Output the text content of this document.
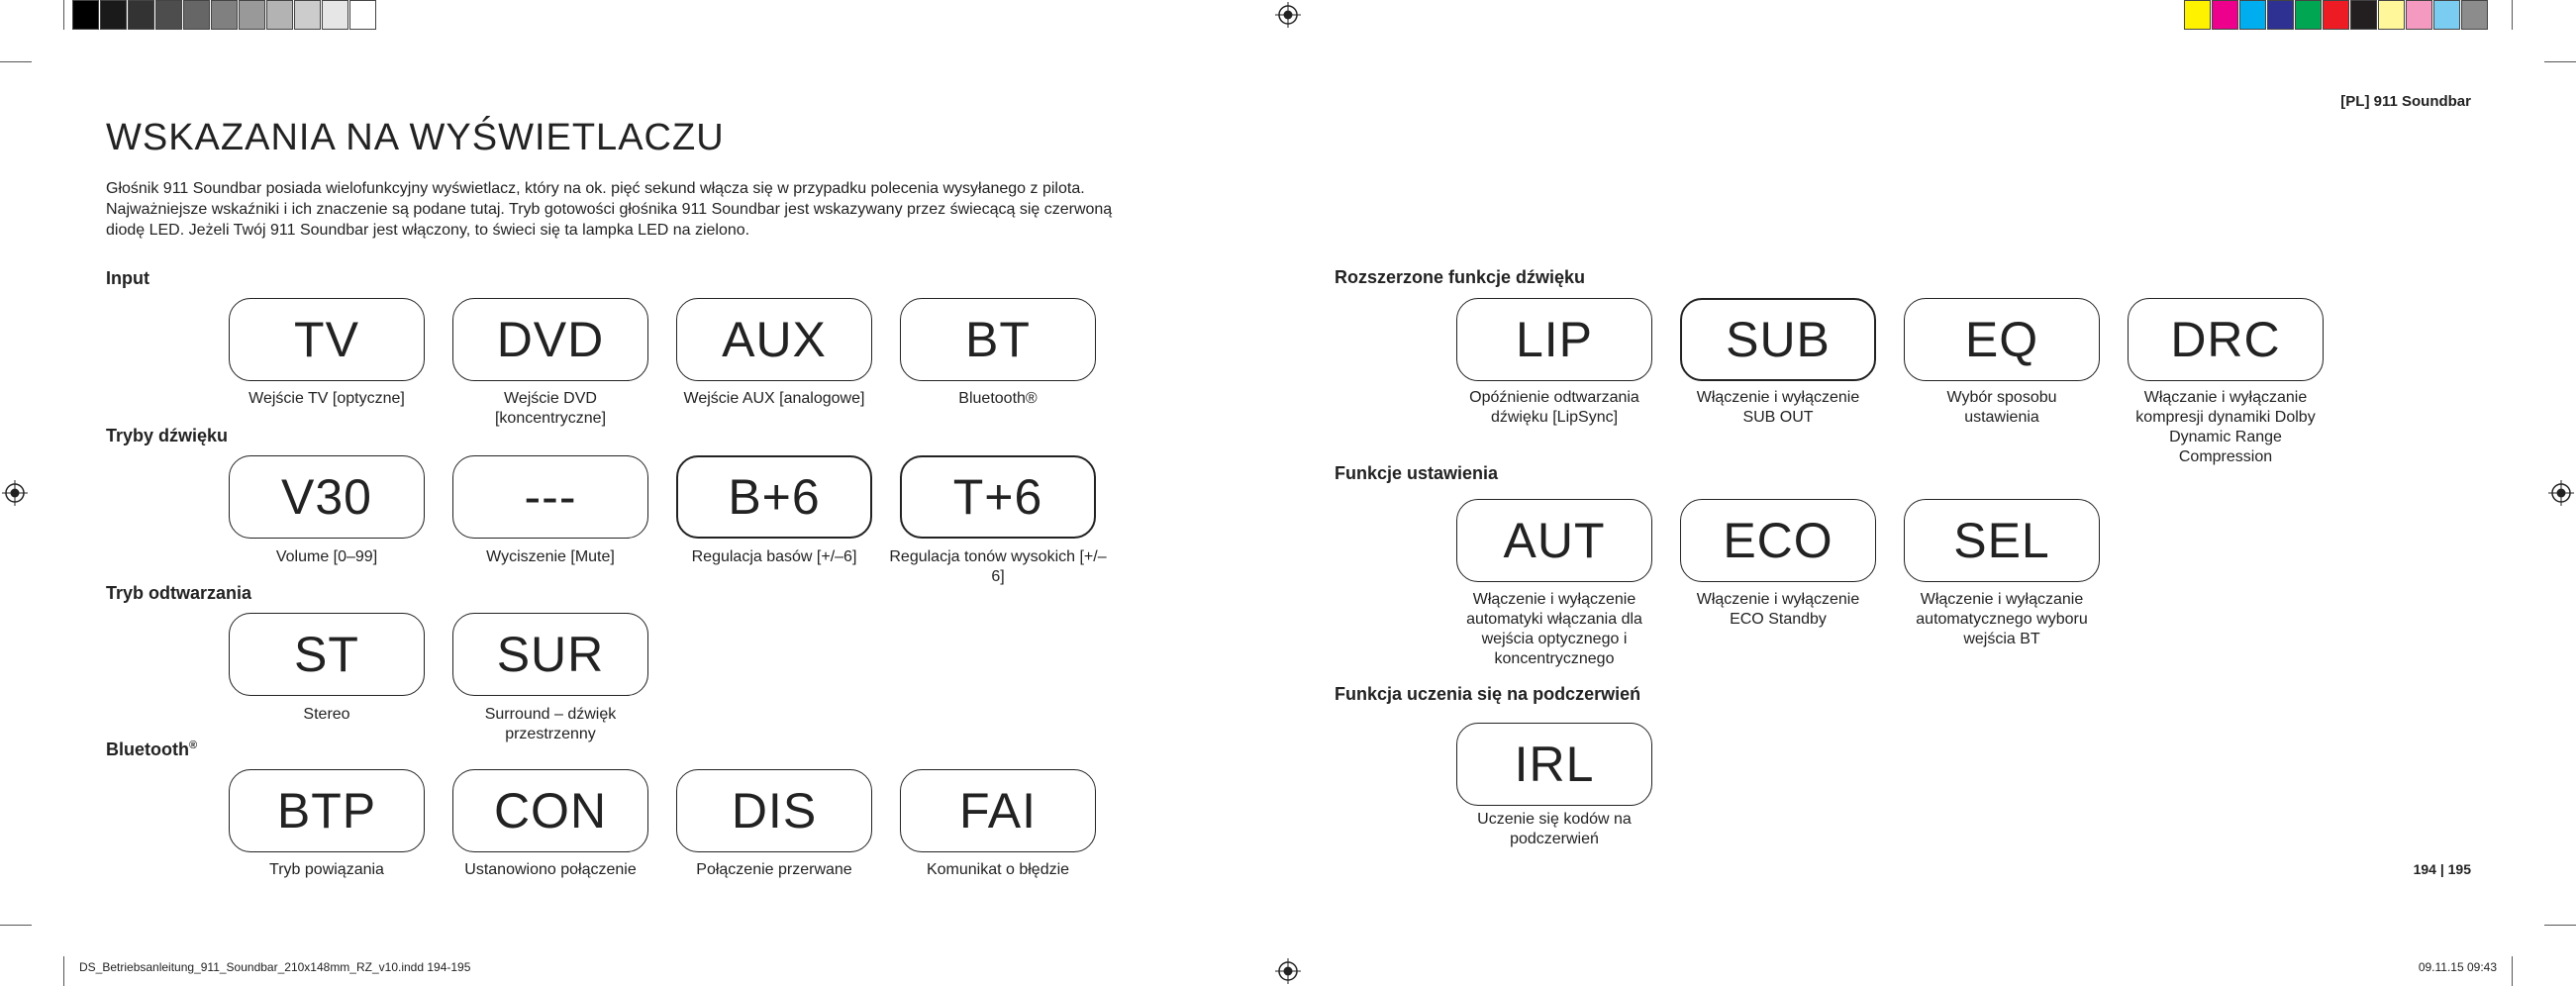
[PL] 911 Soundbar
WSKAZANIA NA WYŚWIETLACZU
Głośnik 911 Soundbar posiada wielofunkcyjny wyświetlacz, który na ok. pięć sekund włącza się w przypadku polecenia wysyłanego z pilota.
Najważniejsze wskaźniki i ich znaczenie są podane tutaj. Tryb gotowości głośnika 911 Soundbar jest wskazywany przez świecącą się czerwoną
diodę LED. Jeżeli Twój 911 Soundbar jest włączony, to świeci się ta lampka LED na zielono.
Input
TV
Wejście TV [optyczne]
DVD
Wejście DVD [koncentryczne]
AUX
Wejście AUX [analogowe]
BT
Bluetooth®
Tryby dźwięku
V30
Volume [0–99]
---
Wyciszenie [Mute]
B+6
Regulacja basów [+/–6]
T+6
Regulacja tonów wysokich [+/–6]
Tryb odtwarzania
ST
Stereo
SUR
Surround – dźwięk przestrzenny
Bluetooth®
BTP
Tryb powiązania
CON
Ustanowiono połączenie
DIS
Połączenie przerwane
FAI
Komunikat o błędzie
Rozszerzone funkcje dźwięku
LIP
Opóźnienie odtwarzania dźwięku [LipSync]
SUB
Włączenie i wyłączenie SUB OUT
EQ
Wybór sposobu ustawienia
DRC
Włączanie i wyłączanie kompresji dynamiki Dolby Dynamic Range Compression
Funkcje ustawienia
AUT
Włączenie i wyłączenie automatyki włączania dla wejścia optycznego i koncentrycznego
ECO
Włączenie i wyłączenie ECO Standby
SEL
Włączenie i wyłączanie automatycznego wyboru wejścia BT
Funkcja uczenia się na podczerwień
IRL
Uczenie się kodów na podczerwień
194 | 195
DS_Betriebsanleitung_911_Soundbar_210x148mm_RZ_v10.indd 194-195	09.11.15 09:43
